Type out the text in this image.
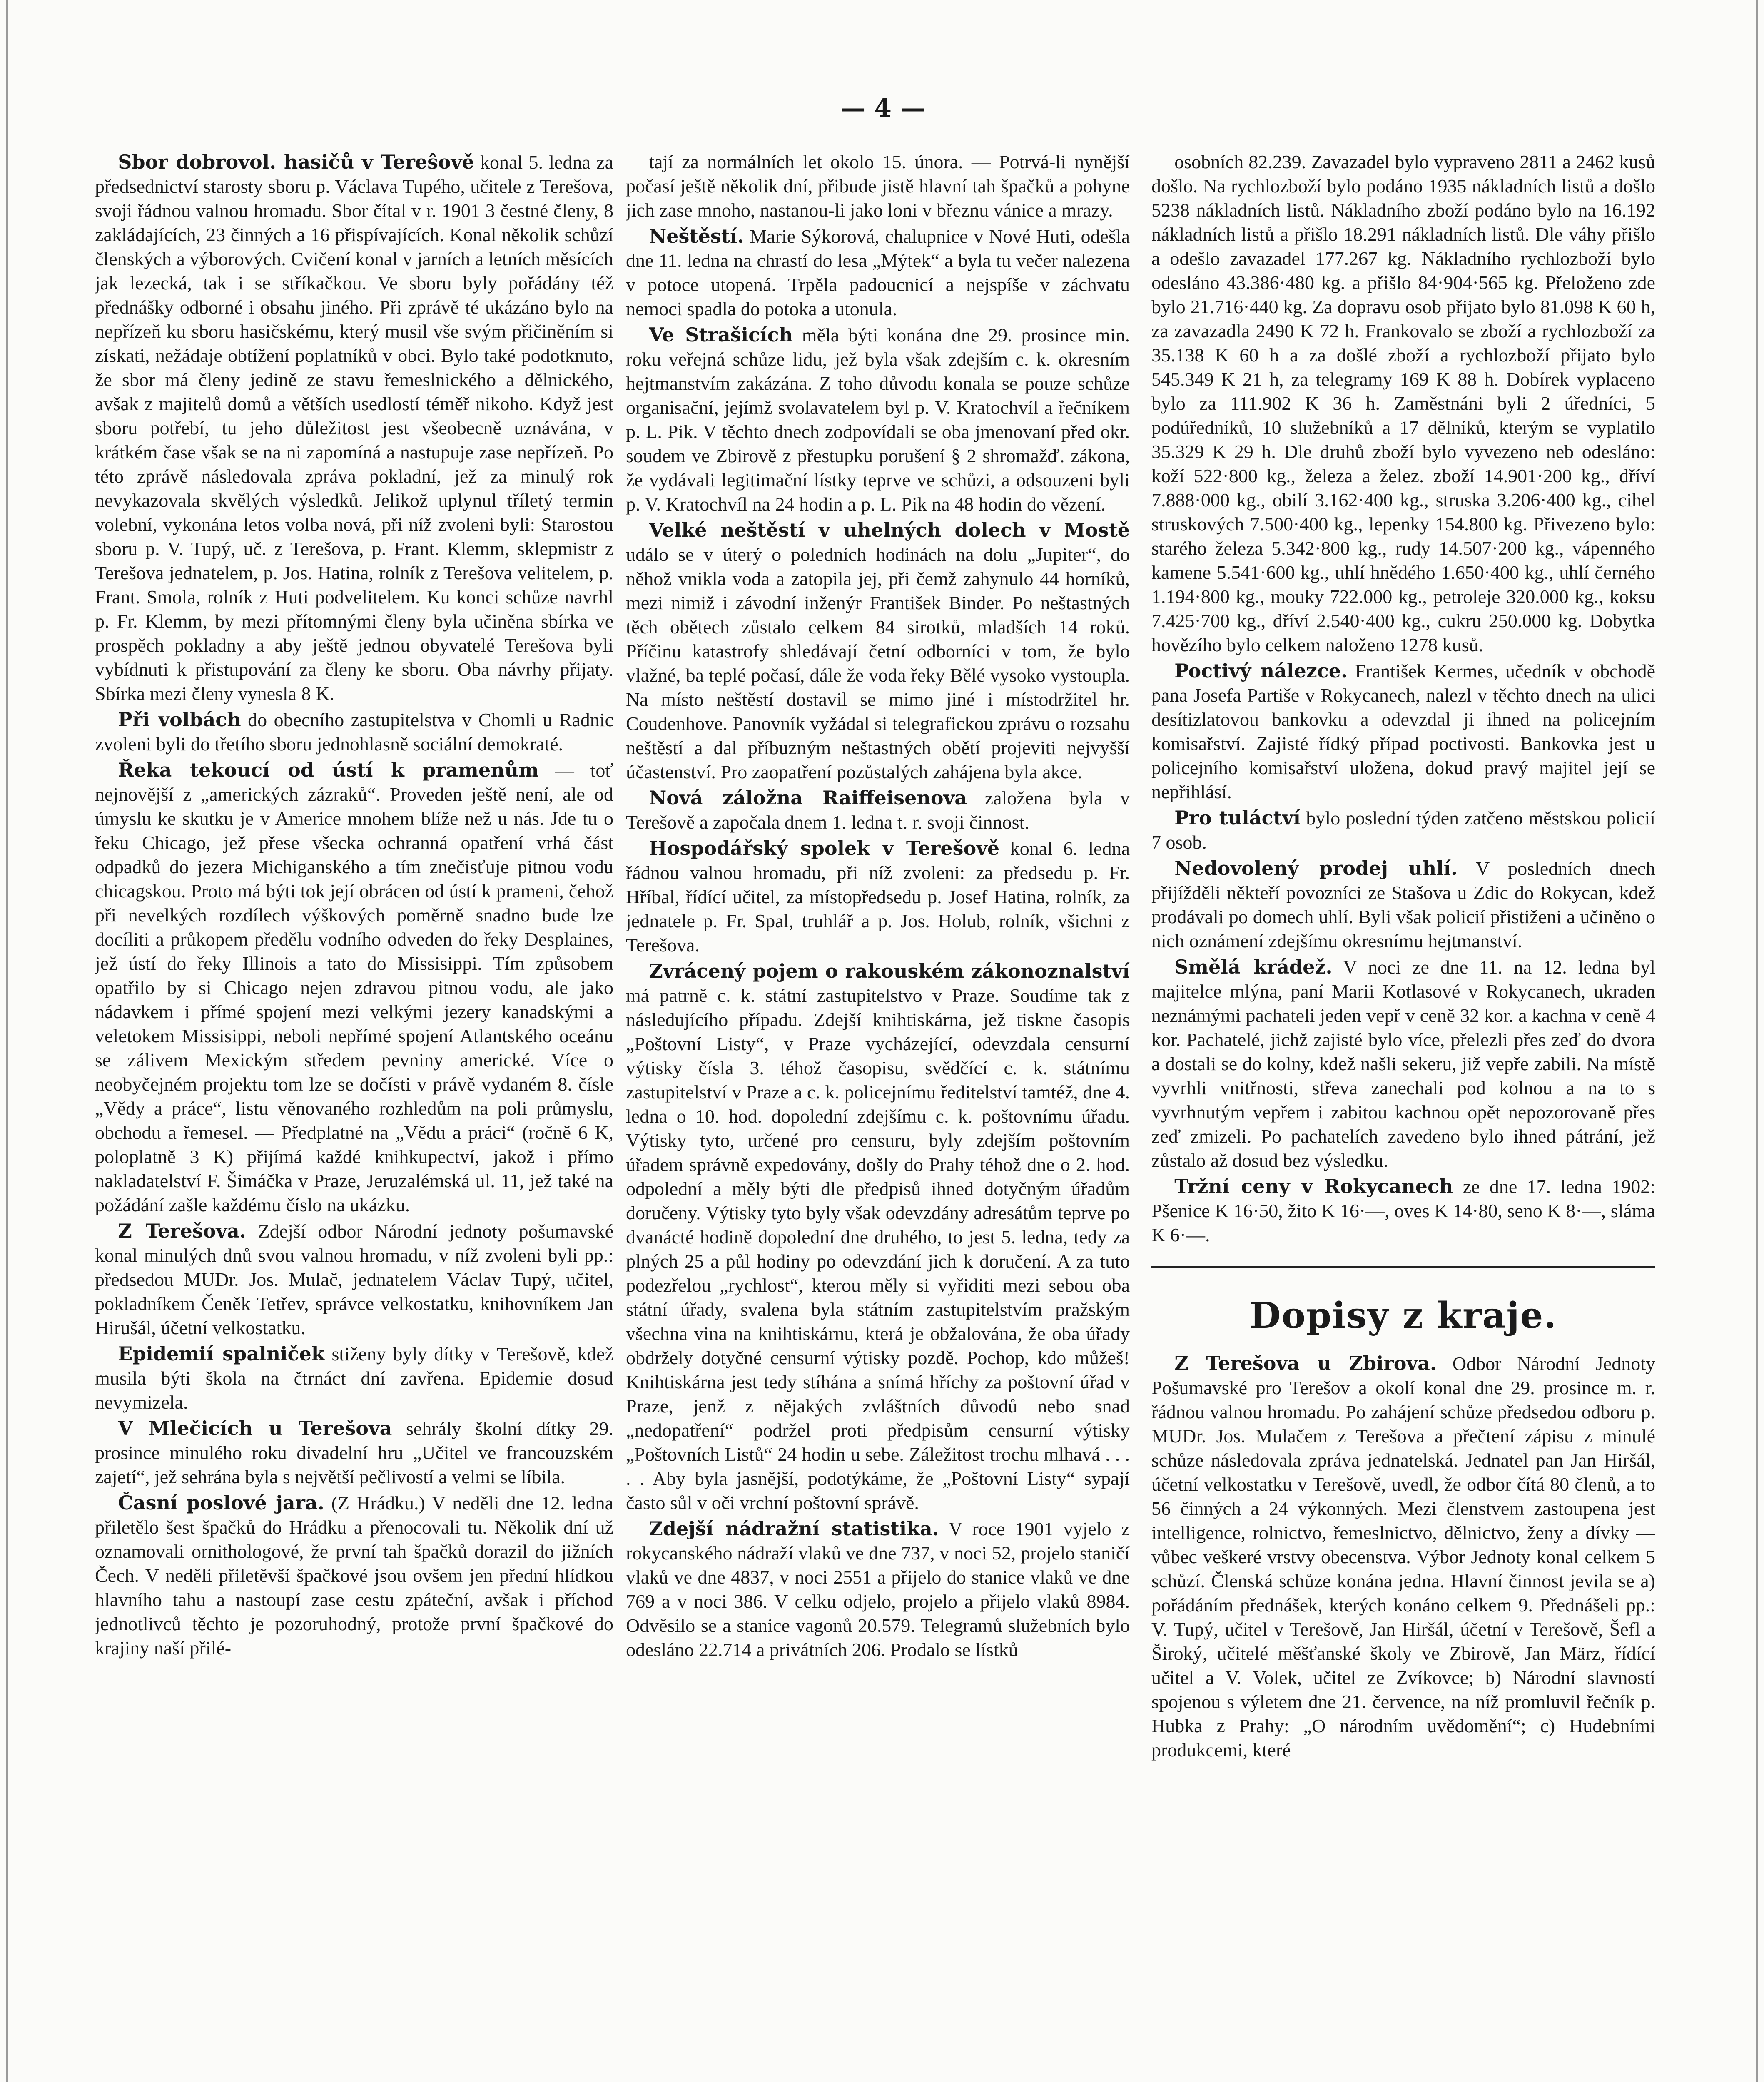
— 4 —

Sbor dobrovol. hasičů v Tereŝově konal 5. ledna za předsednictví starosty sboru p. Václava Tupého, učitele z Terešova, svoji řádnou valnou hromadu. Sbor čítal v r. 1901 3 čestné členy, 8 zakládajících, 23 činných a 16 přispívajících. Konal několik schůzí členských a výborových. Cvičení konal v jarních a letních měsících jak lezecká, tak i se stříkačkou. Ve sboru byly pořádány též přednášky odborné i obsahu jiného. Při zprávě té ukázáno bylo na nepřízeň ku sboru hasičskému, který musil vše svým přičiněním si získati, nežádaje obtížení poplatníků v obci. Bylo také podotknuto, že sbor má členy jedině ze stavu řemeslnického a dělnického, avšak z majitelů domů a větších usedlostí téměř nikoho. Když jest sboru potřebí, tu jeho důležitost jest všeobecně uznávána, v krátkém čase však se na ni zapomíná a nastupuje zase nepřízeň. Po této zprávě následovala zpráva pokladní, jež za minulý rok nevykazovala skvělých výsledků. Jelikož uplynul tříletý termin volební, vykonána letos volba nová, při níž zvoleni byli: Starostou sboru p. V. Tupý, uč. z Terešova, p. Frant. Klemm, sklepmistr z Terešova jednatelem, p. Jos. Hatina, rolník z Terešova velitelem, p. Frant. Smola, rolník z Huti podvelitelem. Ku konci schůze navrhl p. Fr. Klemm, by mezi přítomnými členy byla učiněna sbírka ve prospěch pokladny a aby ještě jednou obyvatelé Terešova byli vybídnuti k přistupování za členy ke sboru. Oba návrhy přijaty. Sbírka mezi členy vynesla 8 K.

Při volbách do obecního zastupitelstva v Chomli u Radnic zvoleni byli do třetího sboru jednohlasně sociální demokraté.

Řeka tekoucí od ústí k pramenům — toť nejnovější z „amerických zázraků“. Proveden ještě není, ale od úmyslu ke skutku je v Americe mnohem blíže než u nás. Jde tu o řeku Chicago, jež přese všecka ochranná opatření vrhá část odpadků do jezera Michiganského a tím znečisťuje pitnou vodu chicagskou. Proto má býti tok její obrácen od ústí k prameni, čehož při nevelkých rozdílech výškových poměrně snadno bude lze docíliti a průkopem předělu vodního odveden do řeky Desplaines, jež ústí do řeky Illinois a tato do Missisippi. Tím způsobem opatřilo by si Chicago nejen zdravou pitnou vodu, ale jako nádavkem i přímé spojení mezi velkými jezery kanadskými a veletokem Missisippi, neboli nepřímé spojení Atlantského oceánu se zálivem Mexickým středem pevniny americké. Více o neobyčejném projektu tom lze se dočísti v právě vydaném 8. čísle „Vědy a práce“, listu věnovaného rozhledům na poli průmyslu, obchodu a řemesel. — Předplatné na „Vědu a práci“ (ročně 6 K, poloplatně 3 K) přijímá každé knihkupectví, jakož i přímo nakladatelství F. Šimáčka v Praze, Jeruzalémská ul. 11, jež také na požádání zašle každému číslo na ukázku.

Z Terešova. Zdejší odbor Národní jednoty pošumavské konal minulých dnů svou valnou hromadu, v níž zvoleni byli pp.: předsedou MUDr. Jos. Mulač, jednatelem Václav Tupý, učitel, pokladníkem Čeněk Tetřev, správce velkostatku, knihovníkem Jan Hirušál, účetní velkostatku.

Epidemií spalniček stiženy byly dítky v Terešově, kdež musila býti škola na čtrnáct dní zavřena. Epidemie dosud nevymizela.

V Mlečicích u Terešova sehrály školní dítky 29. prosince minulého roku divadelní hru „Učitel ve francouzském zajetí“, jež sehrána byla s největší pečlivostí a velmi se líbila.

Časní poslové jara. (Z Hrádku.) V neděli dne 12. ledna přiletělo šest špačků do Hrádku a přenocovali tu. Několik dní už oznamovali ornithologové, že první tah špačků dorazil do jižních Čech. V neděli přiletěvší špačkové jsou ovšem jen přední hlídkou hlavního tahu a nastoupí zase cestu zpáteční, avšak i příchod jednotlivců těchto je pozoruhodný, protože první špačkové do krajiny naší přilé-

tají za normálních let okolo 15. února. — Potrvá-li nynější počasí ještě několik dní, přibude jistě hlavní tah špačků a pohyne jich zase mnoho, nastanou-li jako loni v březnu vánice a mrazy.

Neštěstí. Marie Sýkorová, chalupnice v Nové Huti, odešla dne 11. ledna na chrastí do lesa „Mýtek“ a byla tu večer nalezena v potoce utopená. Trpěla padoucnicí a nejspíše v záchvatu nemoci spadla do potoka a utonula.

Ve Strašicích měla býti konána dne 29. prosince min. roku veřejná schůze lidu, jež byla však zdejším c. k. okresním hejtmanstvím zakázána. Z toho důvodu konala se pouze schůze organisační, jejímž svolavatelem byl p. V. Kratochvíl a řečníkem p. L. Pik. V těchto dnech zodpovídali se oba jmenovaní před okr. soudem ve Zbirově z přestupku porušení § 2 shromažď. zákona, že vydávali legitimační lístky teprve ve schůzi, a odsouzeni byli p. V. Kratochvíl na 24 hodin a p. L. Pik na 48 hodin do vězení.

Velké neštěstí v uhelných dolech v Mostě událo se v úterý o poledních hodinách na dolu „Jupiter“, do něhož vnikla voda a zatopila jej, při čemž zahynulo 44 horníků, mezi nimiž i závodní inženýr František Binder. Po neštastných těch obětech zůstalo celkem 84 sirotků, mladších 14 roků. Příčinu katastrofy shledávají četní odborníci v tom, že bylo vlažné, ba teplé počasí, dále že voda řeky Bělé vysoko vystoupla. Na místo neštěstí dostavil se mimo jiné i místodržitel hr. Coudenhove. Panovník vyžádal si telegrafickou zprávu o rozsahu neštěstí a dal příbuzným neštastných obětí projeviti nejvyšší účastenství. Pro zaopatření pozůstalých zahájena byla akce.

Nová záložna Raiffeisenova založena byla v Terešově a započala dnem 1. ledna t. r. svoji činnost.

Hospodářský spolek v Terešově konal 6. ledna řádnou valnou hromadu, při níž zvoleni: za předsedu p. Fr. Hříbal, řídící učitel, za místopředsedu p. Josef Hatina, rolník, za jednatele p. Fr. Spal, truhlář a p. Jos. Holub, rolník, všichni z Terešova.

Zvrácený pojem o rakouském zákonoznalství má patrně c. k. státní zastupitelstvo v Praze. Soudíme tak z následujícího případu. Zdejší knihtiskárna, jež tiskne časopis „Poštovní Listy“, v Praze vycházející, odevzdala censurní výtisky čísla 3. téhož časopisu, svědčící c. k. státnímu zastupitelství v Praze a c. k. policejnímu ředitelství tamtéž, dne 4. ledna o 10. hod. dopolední zdejšímu c. k. poštovnímu úřadu. Výtisky tyto, určené pro censuru, byly zdejším poštovním úřadem správně expedovány, došly do Prahy téhož dne o 2. hod. odpolední a měly býti dle předpisů ihned dotyčným úřadům doručeny. Výtisky tyto byly však odevzdány adresátům teprve po dvanácté hodině dopolední dne druhého, to jest 5. ledna, tedy za plných 25 a půl hodiny po odevzdání jich k doručení. A za tuto podezřelou „rychlost“, kterou měly si vyřiditi mezi sebou oba státní úřady, svalena byla státním zastupitelstvím pražským všechna vina na knihtiskárnu, která je obžalována, že oba úřady obdržely dotyčné censurní výtisky pozdě. Pochop, kdo můžeš! Knihtiskárna jest tedy stíhána a snímá hříchy za poštovní úřad v Praze, jenž z nějakých zvláštních důvodů nebo snad „nedopatření“ podržel proti předpisům censurní výtisky „Poštovních Listů“ 24 hodin u sebe. Záležitost trochu mlhavá . . . . . Aby byla jasnější, podotýkáme, že „Poštovní Listy“ sypají často sůl v oči vrchní poštovní správě.

Zdejší nádražní statistika. V roce 1901 vyjelo z rokycanského nádraží vlaků ve dne 737, v noci 52, projelo staničí vlaků ve dne 4837, v noci 2551 a přijelo do stanice vlaků ve dne 769 a v noci 386. V celku odjelo, projelo a přijelo vlaků 8984. Odvěsilo se a stanice vagonů 20.579. Telegramů služebních bylo odesláno 22.714 a privátních 206. Prodalo se lístků

osobních 82.239. Zavazadel bylo vypraveno 2811 a 2462 kusů došlo. Na rychlozboží bylo podáno 1935 nákladních listů a došlo 5238 nákladních listů. Nákladního zboží podáno bylo na 16.192 nákladních listů a přišlo 18.291 nákladních listů. Dle váhy přišlo a odešlo zavazadel 177.267 kg. Nákladního rychlozboží bylo odesláno 43.386·480 kg. a přišlo 84·904·565 kg. Přeloženo zde bylo 21.716·440 kg. Za dopravu osob přijato bylo 81.098 K 60 h, za zavazadla 2490 K 72 h. Frankovalo se zboží a rychlozboží za 35.138 K 60 h a za došlé zboží a rychlozboží přijato bylo 545.349 K 21 h, za telegramy 169 K 88 h. Dobírek vyplaceno bylo za 111.902 K 36 h. Zaměstnáni byli 2 úředníci, 5 podúředníků, 10 služebníků a 17 dělníků, kterým se vyplatilo 35.329 K 29 h. Dle druhů zboží bylo vyvezeno neb odesláno: koží 522·800 kg., železa a želez. zboží 14.901·200 kg., dříví 7.888·000 kg., obilí 3.162·400 kg., struska 3.206·400 kg., cihel struskových 7.500·400 kg., lepenky 154.800 kg. Přivezeno bylo: starého železa 5.342·800 kg., rudy 14.507·200 kg., vápenného kamene 5.541·600 kg., uhlí hnědého 1.650·400 kg., uhlí černého 1.194·800 kg., mouky 722.000 kg., petroleje 320.000 kg., koksu 7.425·700 kg., dříví 2.540·400 kg., cukru 250.000 kg. Dobytka hovězího bylo celkem naloženo 1278 kusů.

Poctivý nálezce. František Kermes, učedník v obchodě pana Josefa Partiše v Rokycanech, nalezl v těchto dnech na ulici desítizlatovou bankovku a odevzdal ji ihned na policejním komisařství. Zajisté řídký případ poctivosti. Bankovka jest u policejního komisařství uložena, dokud pravý majitel její se nepřihlásí.

Pro tuláctví bylo poslední týden zatčeno městskou policií 7 osob.

Nedovolený prodej uhlí. V posledních dnech přijížděli někteří povozníci ze Stašova u Zdic do Rokycan, kdež prodávali po domech uhlí. Byli však policií přistiženi a učiněno o nich oznámení zdejšímu okresnímu hejtmanství.

Smělá krádež. V noci ze dne 11. na 12. ledna byl majitelce mlýna, paní Marii Kotlasové v Rokycanech, ukraden neznámými pachateli jeden vepř v ceně 32 kor. a kachna v ceně 4 kor. Pachatelé, jichž zajisté bylo více, přelezli přes zeď do dvora a dostali se do kolny, kdež našli sekeru, již vepře zabili. Na místě vyvrhli vnitřnosti, střeva zanechali pod kolnou a na to s vyvrhnutým vepřem i zabitou kachnou opět nepozorovaně přes zeď zmizeli. Po pachatelích zavedeno bylo ihned pátrání, jež zůstalo až dosud bez výsledku.

Tržní ceny v Rokycanech ze dne 17. ledna 1902: Pšenice K 16·50, žito K 16·—, oves K 14·80, seno K 8·—, sláma K 6·—.

Dopisy z kraje.

Z Terešova u Zbirova. Odbor Národní Jednoty Pošumavské pro Terešov a okolí konal dne 29. prosince m. r. řádnou valnou hromadu. Po zahájení schůze předsedou odboru p. MUDr. Jos. Mulačem z Terešova a přečtení zápisu z minulé schůze následovala zpráva jednatelská. Jednatel pan Jan Hiršál, účetní velkostatku v Terešově, uvedl, že odbor čítá 80 členů, a to 56 činných a 24 výkonných. Mezi členstvem zastoupena jest intelligence, rolnictvo, řemeslnictvo, dělnictvo, ženy a dívky — vůbec veškeré vrstvy obecenstva. Výbor Jednoty konal celkem 5 schůzí. Členská schůze konána jedna. Hlavní činnost jevila se a) pořádáním přednášek, kterých konáno celkem 9. Přednášeli pp.: V. Tupý, učitel v Terešově, Jan Hiršál, účetní v Terešově, Šefl a Široký, učitelé měšťanské školy ve Zbirově, Jan März, řídící učitel a V. Volek, učitel ze Zvíkovce; b) Národní slavností spojenou s výletem dne 21. července, na níž promluvil řečník p. Hubka z Prahy: „O národním uvědomění“; c) Hudebními produkcemi, které
